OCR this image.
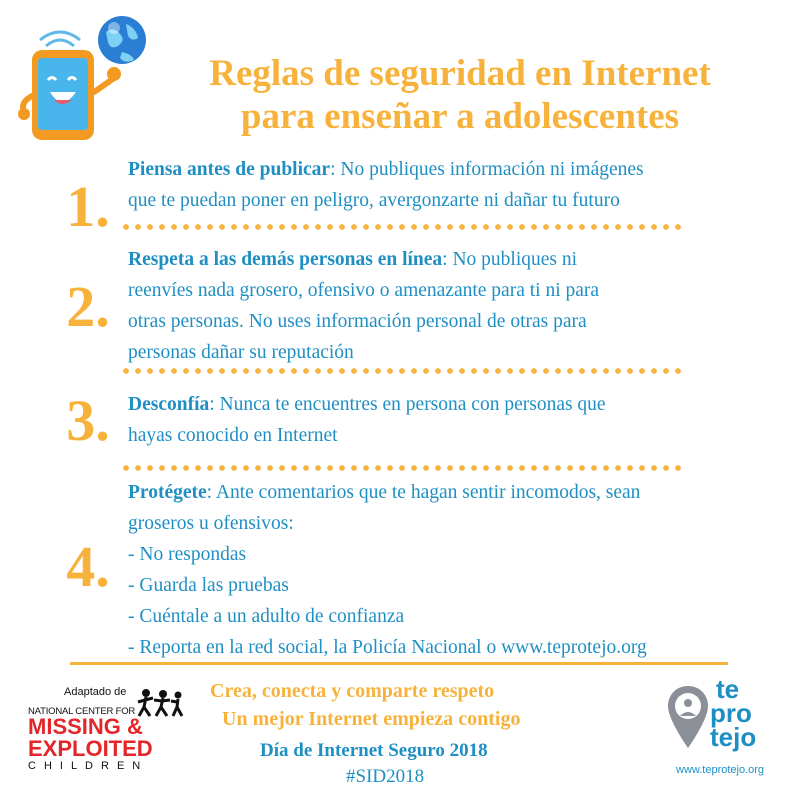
Reglas de seguridad en Internet
para enseñar a adolescentes
1.
Piensa antes de publicar: No publiques información ni imágenes
que te puedan poner en peligro, avergonzarte ni dañar tu futuro
2.
Respeta a las demás personas en línea: No publiques ni
reenvíes nada grosero, ofensivo o amenazante para ti ni para
otras personas. No uses información personal de otras para
personas dañar su reputación
3. Desconfía: Nunca te encuentres en persona con personas que
hayas conocido en Internet
4.
Protégete: Ante comentarios que te hagan sentir incomodos, sean
groseros u ofensivos:
- No respondas
- Guarda las pruebas
- Cuéntale a un adulto de confianza
- Reporta en la red social, la Policía Nacional o www.teprotejo.org
Adaptado de
NATIONAL CENTER FOR
MISSING &
EXPLOITED
CHILDREN
Crea, conecta y comparte respeto
Un mejor Internet empieza contigo
Día de Internet Seguro 2018
#SID2018
te
pro
tejo
www.teprotejo.org
